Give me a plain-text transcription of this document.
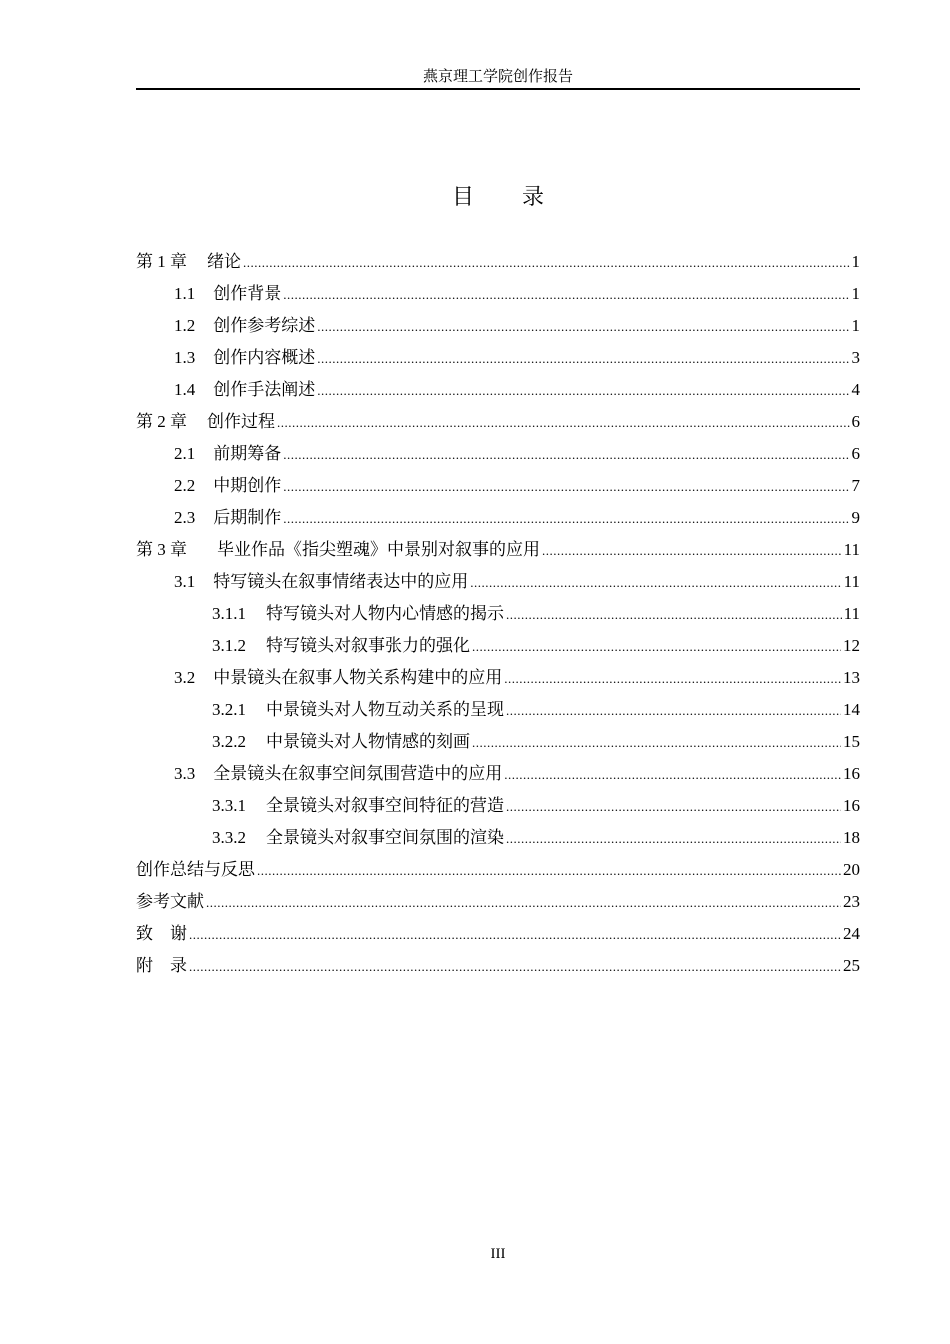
燕京理工学院创作报告
目 录
第 1 章 绪论 .....	1
1.1 创作背景 .....	1
1.2 创作参考综述 .....	1
1.3 创作内容概述 .....	3
1.4 创作手法阐述 .....	4
第 2 章 创作过程 .....	6
2.1 前期筹备 .....	6
2.2 中期创作 .....	7
2.3 后期制作 .....	9
第 3 章 毕业作品《指尖塑魂》中景别对叙事的应用 .....	11
3.1 特写镜头在叙事情绪表达中的应用 .....	11
3.1.1 特写镜头对人物内心情感的揭示 .....	11
3.1.2 特写镜头对叙事张力的强化 .....	12
3.2 中景镜头在叙事人物关系构建中的应用 .....	13
3.2.1 中景镜头对人物互动关系的呈现 .....	14
3.2.2 中景镜头对人物情感的刻画 .....	15
3.3 全景镜头在叙事空间氛围营造中的应用 .....	16
3.3.1 全景镜头对叙事空间特征的营造 .....	16
3.3.2 全景镜头对叙事空间氛围的渲染 .....	18
创作总结与反思 .....	20
参考文献 .....	23
致　谢 .....	24
附　录 .....	25
III
